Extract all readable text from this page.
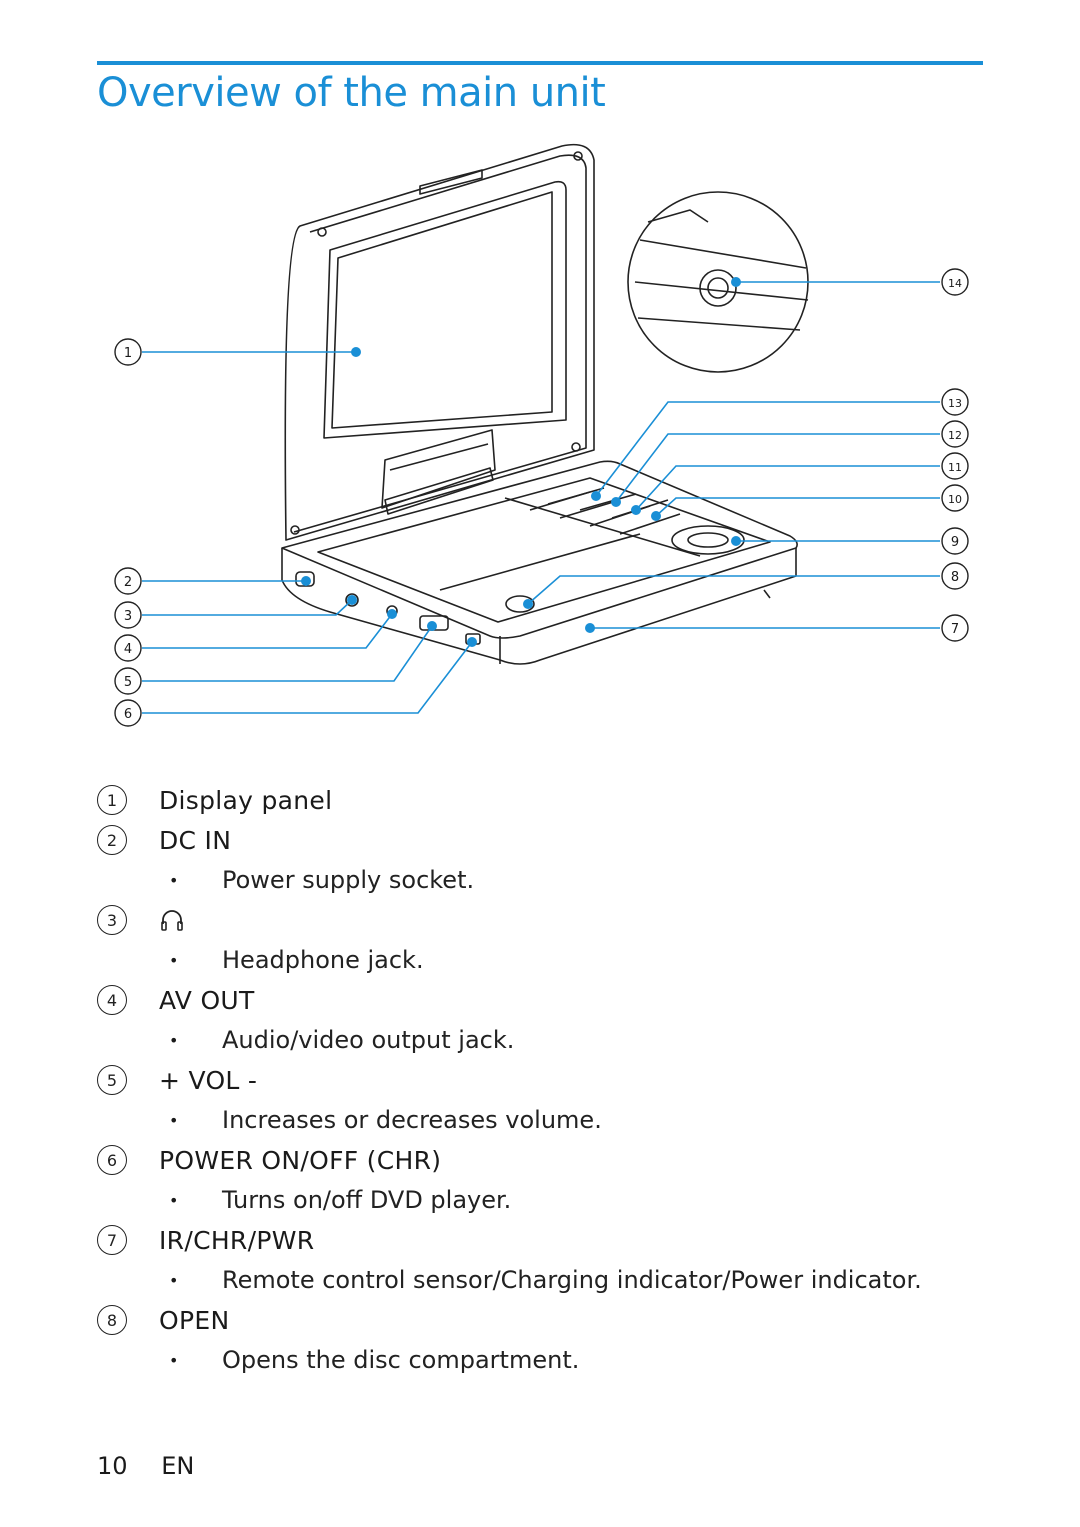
Overview of the main unit
1
2
3
4
5
6
7
8
9
10
11
12
13
14
1	Display panel
2	DC IN
• Power supply socket.
3
• Headphone jack.
4	AV OUT
• Audio/video output jack.
5	+ VOL -
• Increases or decreases volume.
6	POWER ON/OFF (CHR)
• Turns on/off DVD player.
7	IR/CHR/PWR
• Remote control sensor/Charging indicator/Power indicator.
8	OPEN
• Opens the disc compartment.
10 EN
